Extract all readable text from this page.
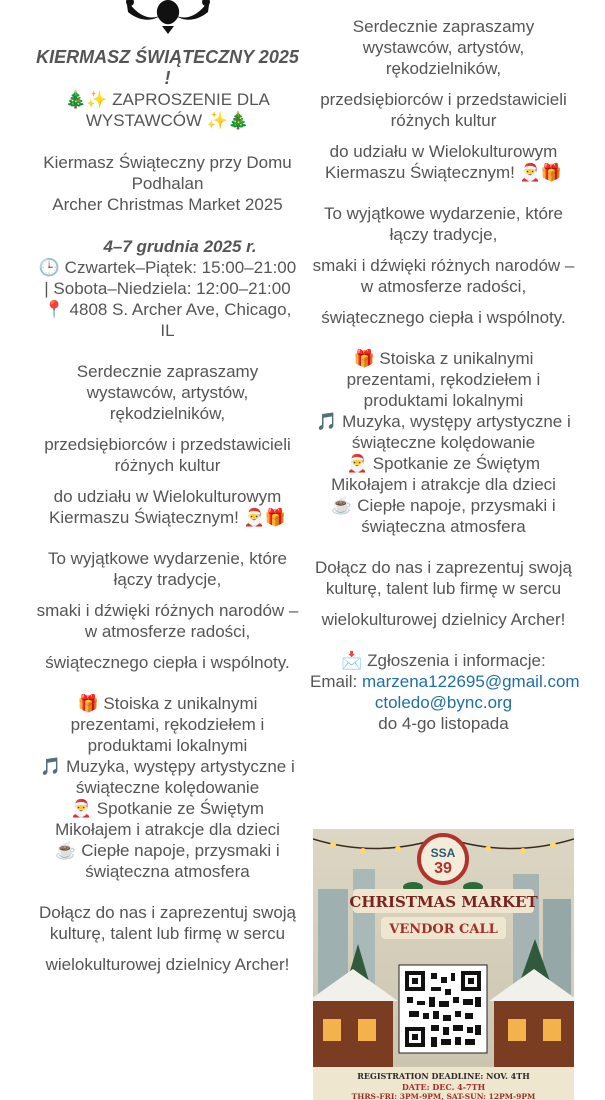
KIERMASZ ŚWIĄTECZNY 2025 !

🎄✨ ZAPROSZENIE DLA WYSTAWCÓW ✨🎄

Kiermasz Świąteczny przy Domu Podhalan

Archer Christmas Market 2025

4–7 grudnia 2025 r.

🕒 Czwartek–Piątek: 15:00–21:00 | Sobota–Niedziela: 12:00–21:00

📍 4808 S. Archer Ave, Chicago, IL

Serdecznie zapraszamy wystawców, artystów, rękodzielników,

przedsiębiorców i przedstawicieli różnych kultur

do udziału w Wielokulturowym Kiermaszu Świątecznym! 🎅🎁

To wyjątkowe wydarzenie, które łączy tradycje,

smaki i dźwięki różnych narodów – w atmosferze radości,

świątecznego ciepła i wspólnoty.

🎁 Stoiska z unikalnymi prezentami, rękodziełem i produktami lokalnymi

🎵 Muzyka, występy artystyczne i świąteczne kolędowanie

🎅 Spotkanie ze Świętym Mikołajem i atrakcje dla dzieci

☕ Ciepłe napoje, przysmaki i świąteczna atmosfera

Dołącz do nas i zaprezentuj swoją kulturę, talent lub firmę w sercu

wielokulturowej dzielnicy Archer!

Serdecznie zapraszamy wystawców, artystów, rękodzielników,

przedsiębiorców i przedstawicieli różnych kultur

do udziału w Wielokulturowym Kiermaszu Świątecznym! 🎅🎁

To wyjątkowe wydarzenie, które łączy tradycje,

smaki i dźwięki różnych narodów – w atmosferze radości,

świątecznego ciepła i wspólnoty.

🎁 Stoiska z unikalnymi prezentami, rękodziełem i produktami lokalnymi

🎵 Muzyka, występy artystyczne i świąteczne kolędowanie

🎅 Spotkanie ze Świętym Mikołajem i atrakcje dla dzieci

☕ Ciepłe napoje, przysmaki i świąteczna atmosfera

Dołącz do nas i zaprezentuj swoją kulturę, talent lub firmę w sercu

wielokulturowej dzielnicy Archer!

📩 Zgłoszenia i informacje:

Email: marzena122695@gmail.com

ctoledo@bync.org

do 4-go listopada

SSA
39
CHRISTMAS MARKET
VENDOR CALL
REGISTRATION DEADLINE: NOV. 4TH
DATE: DEC. 4-7TH
THRS-FRI: 3PM-9PM, SAT-SUN: 12PM-9PM
